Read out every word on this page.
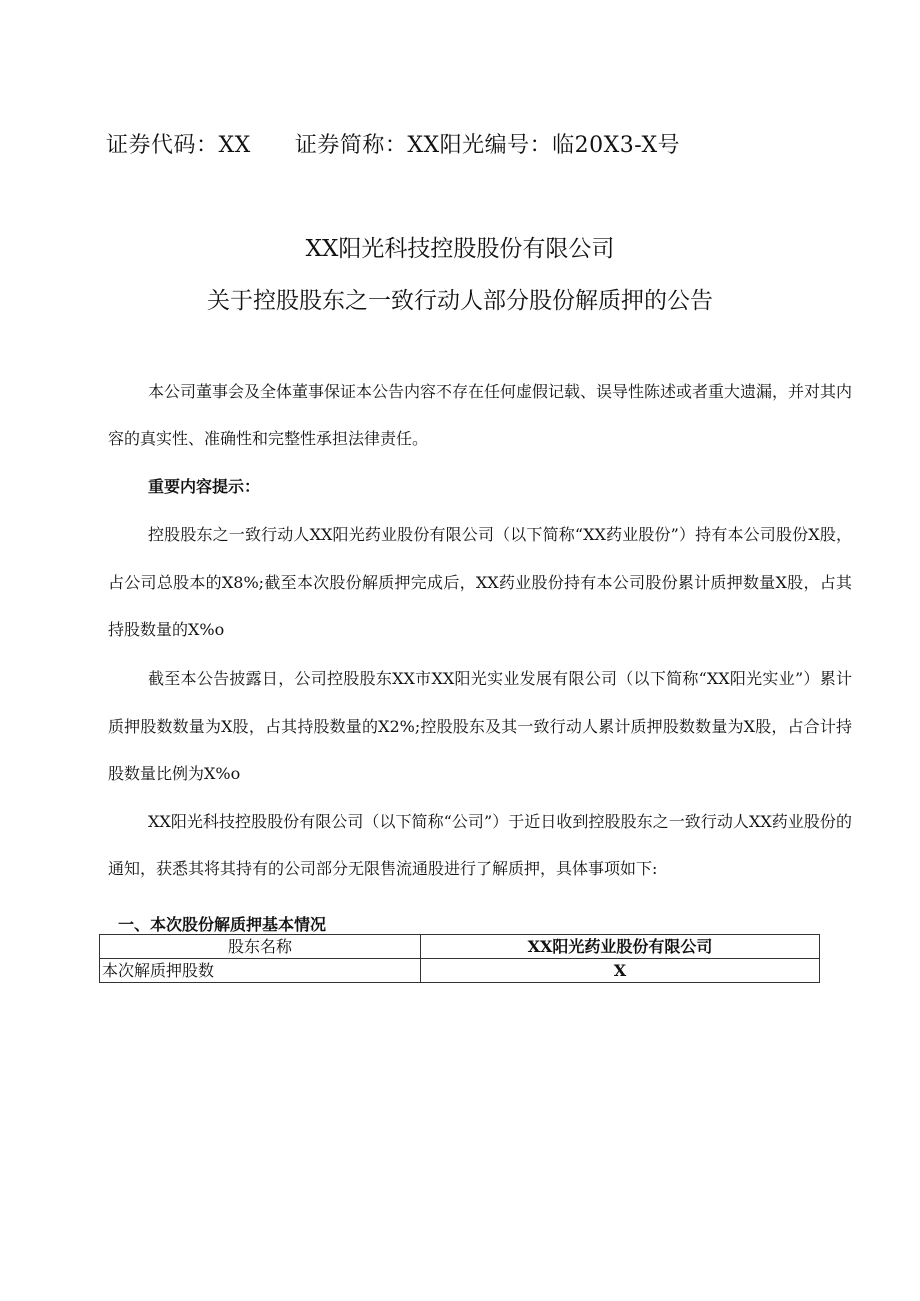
证券代码：XX 证券简称：XX阳光编号：临20X3-X号
XX阳光科技控股股份有限公司
关于控股股东之一致行动人部分股份解质押的公告

本公司董事会及全体董事保证本公告内容不存在任何虚假记载、误导性陈述或者重大遗漏，并对其内容的真实性、准确性和完整性承担法律责任。

重要内容提示：

控股股东之一致行动人XX阳光药业股份有限公司（以下简称“XX药业股份”）持有本公司股份X股，占公司总股本的X8%;截至本次股份解质押完成后，XX药业股份持有本公司股份累计质押数量X股，占其持股数量的X%o

截至本公告披露日，公司控股股东XX市XX阳光实业发展有限公司（以下简称“XX阳光实业”）累计质押股数数量为X股，占其持股数量的X2%;控股股东及其一致行动人累计质押股数数量为X股，占合计持股数量比例为X%o

XX阳光科技控股股份有限公司（以下简称“公司”）于近日收到控股股东之一致行动人XX药业股份的通知，获悉其将其持有的公司部分无限售流通股进行了解质押，具体事项如下:

一、本次股份解质押基本情况
股东名称	XX阳光药业股份有限公司
本次解质押股数	X
